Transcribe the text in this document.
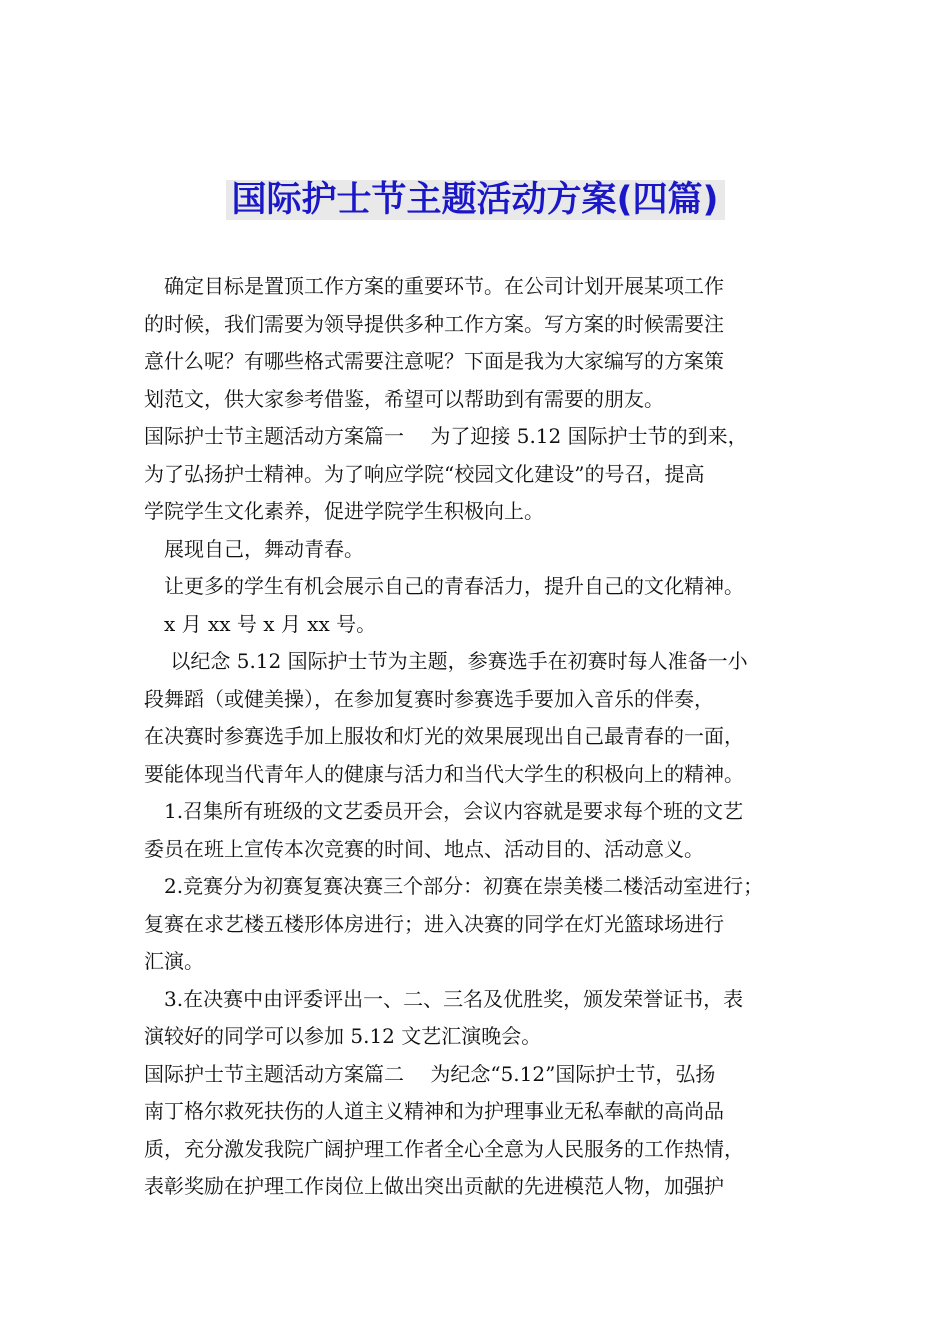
国际护士节主题活动方案(四篇)

　确定目标是置顶工作方案的重要环节。在公司计划开展某项工作

的时候，我们需要为领导提供多种工作方案。写方案的时候需要注

意什么呢？有哪些格式需要注意呢？下面是我为大家编写的方案策

划范文，供大家参考借鉴，希望可以帮助到有需要的朋友。

国际护士节主题活动方案篇一　 为了迎接 5.12 国际护士节的到来，

为了弘扬护士精神。为了响应学院“校园文化建设”的号召，提高

学院学生文化素养，促进学院学生积极向上。

　展现自己，舞动青春。

　让更多的学生有机会展示自己的青春活力，提升自己的文化精神。

　x 月 xx 号 x 月 xx 号。

　 以纪念 5.12 国际护士节为主题，参赛选手在初赛时每人准备一小

段舞蹈（或健美操），在参加复赛时参赛选手要加入音乐的伴奏，

在决赛时参赛选手加上服妆和灯光的效果展现出自己最青春的一面，

要能体现当代青年人的健康与活力和当代大学生的积极向上的精神。

　1.召集所有班级的文艺委员开会，会议内容就是要求每个班的文艺

委员在班上宣传本次竞赛的时间、地点、活动目的、活动意义。

　2.竞赛分为初赛复赛决赛三个部分：初赛在崇美楼二楼活动室进行；

复赛在求艺楼五楼形体房进行；进入决赛的同学在灯光篮球场进行

汇演。

　3.在决赛中由评委评出一、二、三名及优胜奖，颁发荣誉证书，表

演较好的同学可以参加 5.12 文艺汇演晚会。

国际护士节主题活动方案篇二　 为纪念“5.12”国际护士节，弘扬

南丁格尔救死扶伤的人道主义精神和为护理事业无私奉献的高尚品

质，充分激发我院广阔护理工作者全心全意为人民服务的工作热情，

表彰奖励在护理工作岗位上做出突出贡献的先进模范人物，加强护
